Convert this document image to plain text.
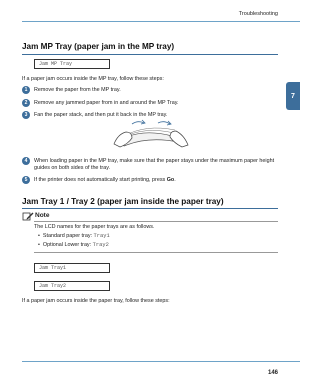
Troubleshooting
7
Jam MP Tray (paper jam in the MP tray)
Jam MP Tray
If a paper jam occurs inside the MP tray, follow these steps:
1	Remove the paper from the MP tray.
2	Remove any jammed paper from in and around the MP Tray.
3	Fan the paper stack, and then put it back in the MP tray.
4	When loading paper in the MP tray, make sure that the paper stays under the maximum paper height guides on both sides of the tray.
5	If the printer does not automatically start printing, press Go.
Jam Tray 1 / Tray 2 (paper jam inside the paper tray)
Note
The LCD names for the paper trays are as follows.
•  Standard paper tray: Tray1
•  Optional Lower tray: Tray2
Jam Tray1
Jam Tray2
If a paper jam occurs inside the paper tray, follow these steps:
146
